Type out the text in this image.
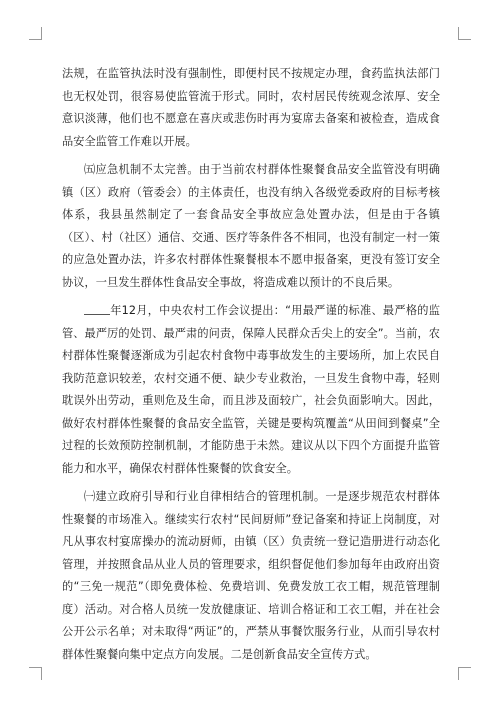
法规，在监管执法时没有强制性，即便村民不按规定办理，食药监执法部门也无权处罚，很容易使监管流于形式。同时，农村居民传统观念浓厚、安全意识淡薄，他们也不愿意在喜庆或悲伤时再为宴席去备案和被检查，造成食品安全监管工作难以开展。

㈤应急机制不太完善。由于当前农村群体性聚餐食品安全监管没有明确镇（区）政府（管委会）的主体责任，也没有纳入各级党委政府的目标考核体系，我县虽然制定了一套食品安全事故应急处置办法，但是由于各镇（区）、村（社区）通信、交通、医疗等条件各不相同，也没有制定一村一策的应急处置办法，许多农村群体性聚餐根本不愿申报备案，更没有签订安全协议，一旦发生群体性食品安全事故，将造成难以预计的不良后果。

年12月，中央农村工作会议提出：“用最严谨的标准、最严格的监管、最严厉的处罚、最严肃的问责，保障人民群众舌尖上的安全”。当前，农村群体性聚餐逐渐成为引起农村食物中毒事故发生的主要场所，加上农民自我防范意识较差，农村交通不便、缺少专业救治，一旦发生食物中毒，轻则耽误外出劳动，重则危及生命，而且涉及面较广，社会负面影响大。因此，做好农村群体性聚餐的食品安全监管，关键是要构筑覆盖“从田间到餐桌”全过程的长效预防控制机制，才能防患于未然。建议从以下四个方面提升监管能力和水平，确保农村群体性聚餐的饮食安全。

㈠建立政府引导和行业自律相结合的管理机制。一是逐步规范农村群体性聚餐的市场准入。继续实行农村“民间厨师”登记备案和持证上岗制度，对凡从事农村宴席操办的流动厨师，由镇（区）负责统一登记造册进行动态化管理，并按照食品从业人员的管理要求，组织督促他们参加每年由政府出资的“三免一规范”（即免费体检、免费培训、免费发放工衣工帽，规范管理制度）活动。对合格人员统一发放健康证、培训合格证和工衣工帽，并在社会公开公示名单；对未取得“两证”的，严禁从事餐饮服务行业，从而引导农村群体性聚餐向集中定点方向发展。二是创新食品安全宣传方式。
